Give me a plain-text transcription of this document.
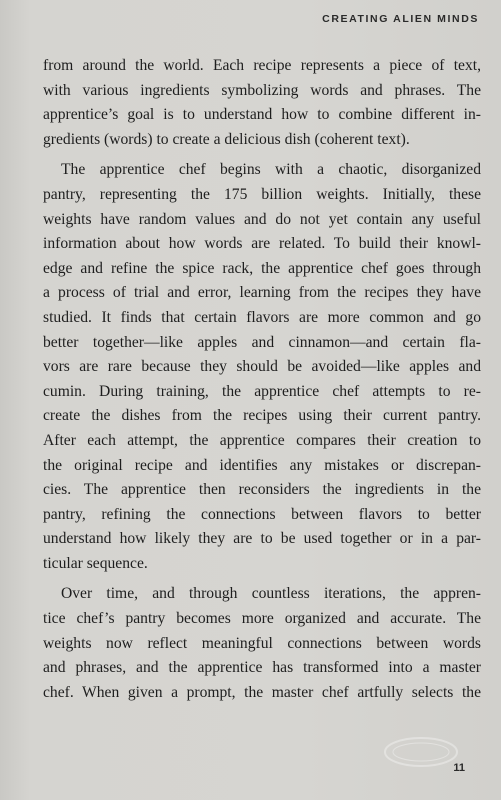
CREATING ALIEN MINDS

from around the world. Each recipe represents a piece of text,
with various ingredients symbolizing words and phrases. The
apprentice’s goal is to understand how to combine different in-
gredients (words) to create a delicious dish (coherent text).

The apprentice chef begins with a chaotic, disorganized
pantry, representing the 175 billion weights. Initially, these
weights have random values and do not yet contain any useful
information about how words are related. To build their knowl-
edge and refine the spice rack, the apprentice chef goes through
a process of trial and error, learning from the recipes they have
studied. It finds that certain flavors are more common and go
better together—like apples and cinnamon—and certain fla-
vors are rare because they should be avoided—like apples and
cumin. During training, the apprentice chef attempts to re-
create the dishes from the recipes using their current pantry.
After each attempt, the apprentice compares their creation to
the original recipe and identifies any mistakes or discrepan-
cies. The apprentice then reconsiders the ingredients in the
pantry, refining the connections between flavors to better
understand how likely they are to be used together or in a par-
ticular sequence.

Over time, and through countless iterations, the appren-
tice chef’s pantry becomes more organized and accurate. The
weights now reflect meaningful connections between words
and phrases, and the apprentice has transformed into a master
chef. When given a prompt, the master chef artfully selects the

11
